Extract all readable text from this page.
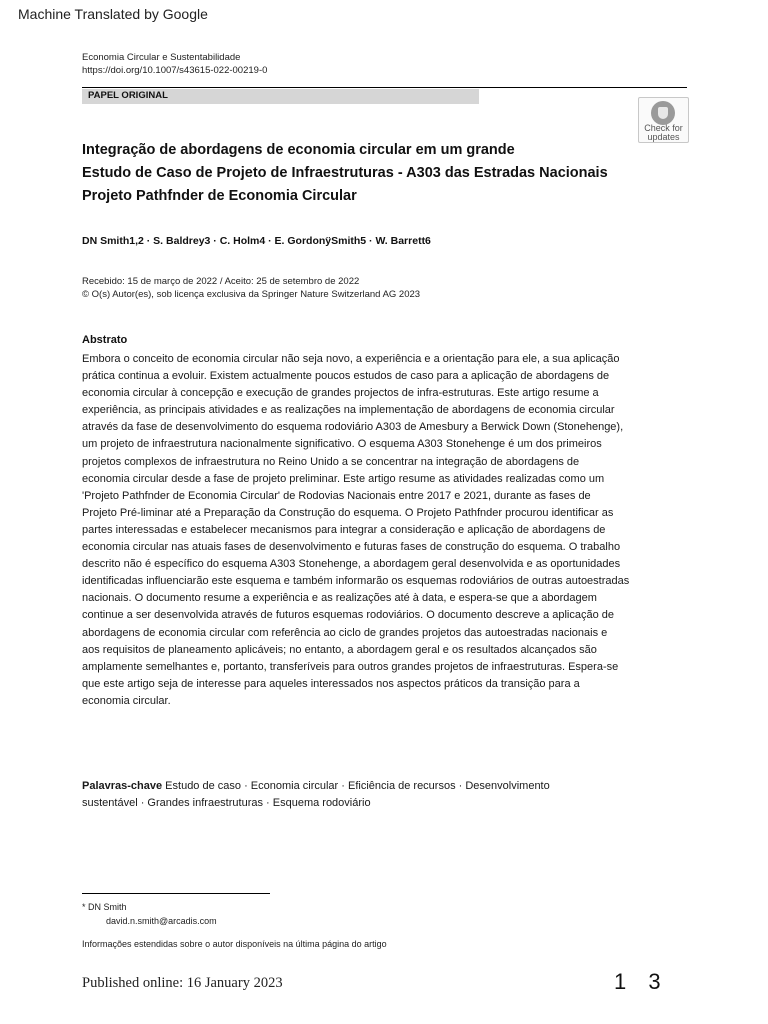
Machine Translated by Google
Economia Circular e Sustentabilidade
https://doi.org/10.1007/s43615-022-00219-0
PAPEL ORIGINAL
Check for
updates
Integração de abordagens de economia circular em um grande
Estudo de Caso de Projeto de Infraestruturas - A303 das Estradas Nacionais
Projeto Pathfnder de Economia Circular
DN Smith1,2 · S. Baldrey3 · C. Holm4 · E. GordonÿSmith5 · W. Barrett6
Recebido: 15 de março de 2022 / Aceito: 25 de setembro de 2022
© O(s) Autor(es), sob licença exclusiva da Springer Nature Switzerland AG 2023
Abstrato
Embora o conceito de economia circular não seja novo, a experiência e a orientação para ele, a sua aplicação
prática continua a evoluir. Existem actualmente poucos estudos de caso para a aplicação de abordagens de
economia circular à concepção e execução de grandes projectos de infra-estruturas. Este artigo resume a
experiência, as principais atividades e as realizações na implementação de abordagens de economia circular
através da fase de desenvolvimento do esquema rodoviário A303 de Amesbury a Berwick Down (Stonehenge),
um projeto de infraestrutura nacionalmente significativo. O esquema A303 Stonehenge é um dos primeiros
projetos complexos de infraestrutura no Reino Unido a se concentrar na integração de abordagens de
economia circular desde a fase de projeto preliminar. Este artigo resume as atividades realizadas como um
'Projeto Pathfnder de Economia Circular' de Rodovias Nacionais entre 2017 e 2021, durante as fases de
Projeto Pré-liminar até a Preparação da Construção do esquema. O Projeto Pathfnder procurou identificar as
partes interessadas e estabelecer mecanismos para integrar a consideração e aplicação de abordagens de
economia circular nas atuais fases de desenvolvimento e futuras fases de construção do esquema. O trabalho
descrito não é específico do esquema A303 Stonehenge, a abordagem geral desenvolvida e as oportunidades
identificadas influenciarão este esquema e também informarão os esquemas rodoviários de outras autoestradas
nacionais. O documento resume a experiência e as realizações até à data, e espera-se que a abordagem
continue a ser desenvolvida através de futuros esquemas rodoviários. O documento descreve a aplicação de
abordagens de economia circular com referência ao ciclo de grandes projetos das autoestradas nacionais e
aos requisitos de planeamento aplicáveis; no entanto, a abordagem geral e os resultados alcançados são
amplamente semelhantes e, portanto, transferíveis para outros grandes projetos de infraestruturas. Espera-se
que este artigo seja de interesse para aqueles interessados nos aspectos práticos da transição para a
economia circular.
Palavras-chave Estudo de caso · Economia circular · Eficiência de recursos · Desenvolvimento
sustentável · Grandes infraestruturas · Esquema rodoviário
* DN Smith
david.n.smith@arcadis.com
Informações estendidas sobre o autor disponíveis na última página do artigo
Published online: 16 January 2023	1 3
